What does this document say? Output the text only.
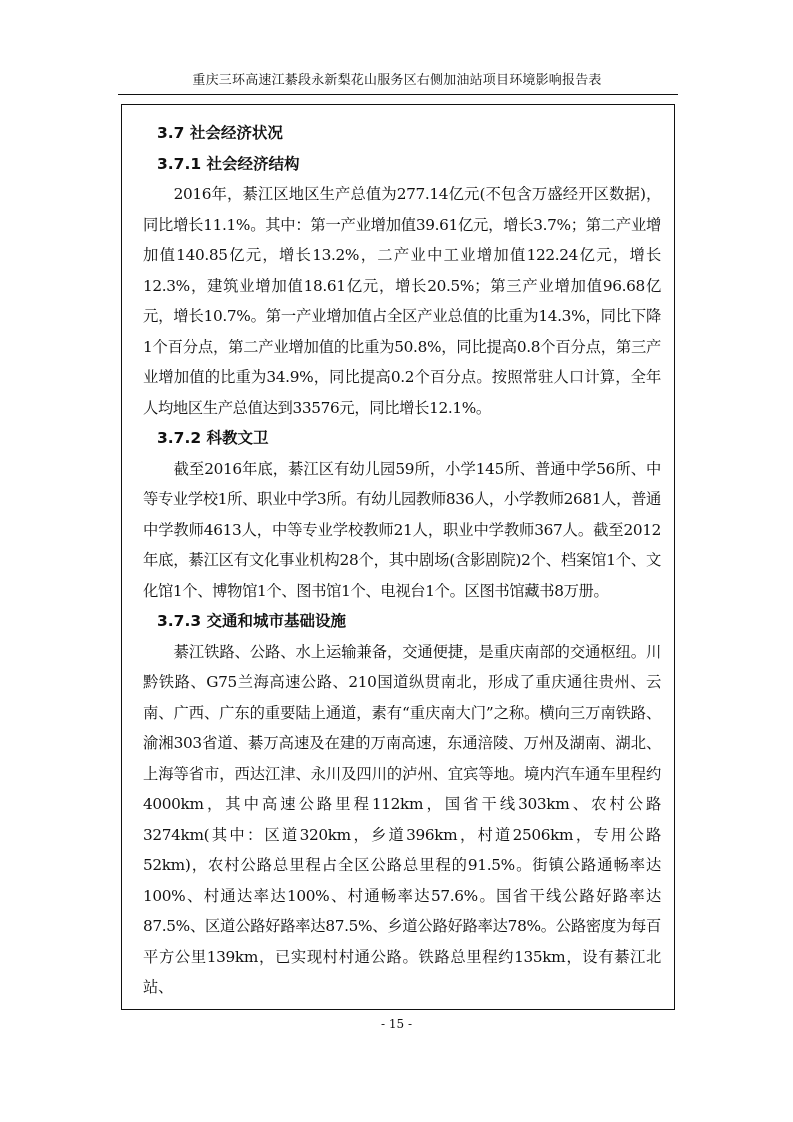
重庆三环高速江綦段永新梨花山服务区右侧加油站项目环境影响报告表
3.7 社会经济状况
3.7.1 社会经济结构
2016年，綦江区地区生产总值为277.14亿元(不包含万盛经开区数据)，同比增长11.1%。其中：第一产业增加值39.61亿元，增长3.7%；第二产业增加值140.85亿元，增长13.2%，二产业中工业增加值122.24亿元，增长12.3%，建筑业增加值18.61亿元，增长20.5%；第三产业增加值96.68亿元，增长10.7%。第一产业增加值占全区产业总值的比重为14.3%，同比下降1个百分点，第二产业增加值的比重为50.8%，同比提高0.8个百分点，第三产业增加值的比重为34.9%，同比提高0.2个百分点。按照常驻人口计算，全年人均地区生产总值达到33576元，同比增长12.1%。
3.7.2 科教文卫
截至2016年底，綦江区有幼儿园59所，小学145所、普通中学56所、中等专业学校1所、职业中学3所。有幼儿园教师836人，小学教师2681人，普通中学教师4613人，中等专业学校教师21人，职业中学教师367人。截至2012年底，綦江区有文化事业机构28个，其中剧场(含影剧院)2个、档案馆1个、文化馆1个、博物馆1个、图书馆1个、电视台1个。区图书馆藏书8万册。
3.7.3 交通和城市基础设施
綦江铁路、公路、水上运输兼备，交通便捷，是重庆南部的交通枢纽。川黔铁路、G75兰海高速公路、210国道纵贯南北，形成了重庆通往贵州、云南、广西、广东的重要陆上通道，素有“重庆南大门”之称。横向三万南铁路、渝湘303省道、綦万高速及在建的万南高速，东通涪陵、万州及湖南、湖北、上海等省市，西达江津、永川及四川的泸州、宜宾等地。境内汽车通车里程约4000km，其中高速公路里程112km，国省干线303km、农村公路3274km(其中：区道320km，乡道396km，村道2506km，专用公路52km)，农村公路总里程占全区公路总里程的91.5%。街镇公路通畅率达100%、村通达率达100%、村通畅率达57.6%。国省干线公路好路率达87.5%、区道公路好路率达87.5%、乡道公路好路率达78%。公路密度为每百平方公里139km，已实现村村通公路。铁路总里程约135km，设有綦江北站、
- 15 -
